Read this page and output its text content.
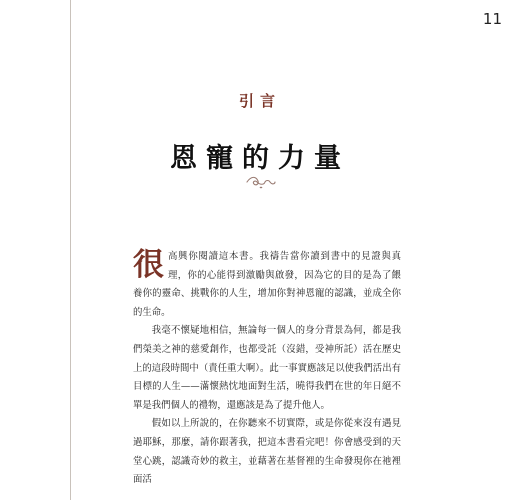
11
引言
恩寵的力量

很 高興你閱讀這本書。我禱告當你讀到書中的見證與真理，你的心能得到激勵與啟發，因為它的目的是為了餵養你的靈命、挑戰你的人生，增加你對神恩寵的認識，並成全你的生命。

我毫不懷疑地相信，無論每一個人的身分背景為何，都是我們榮美之神的慈愛創作，也都受託（沒錯，受神所託）活在歷史上的這段時間中（責任重大啊）。此一事實應該足以使我們活出有目標的人生——滿懷熱忱地面對生活，曉得我們在世的年日絕不單是我們個人的禮物，還應該是為了提升他人。

假如以上所說的，在你聽來不切實際，或是你從來沒有遇見過耶穌，那麼，請你跟著我，把這本書看完吧！你會感受到的天堂心跳，認識奇妙的救主，並藉著在基督裡的生命發現你在祂裡面活
